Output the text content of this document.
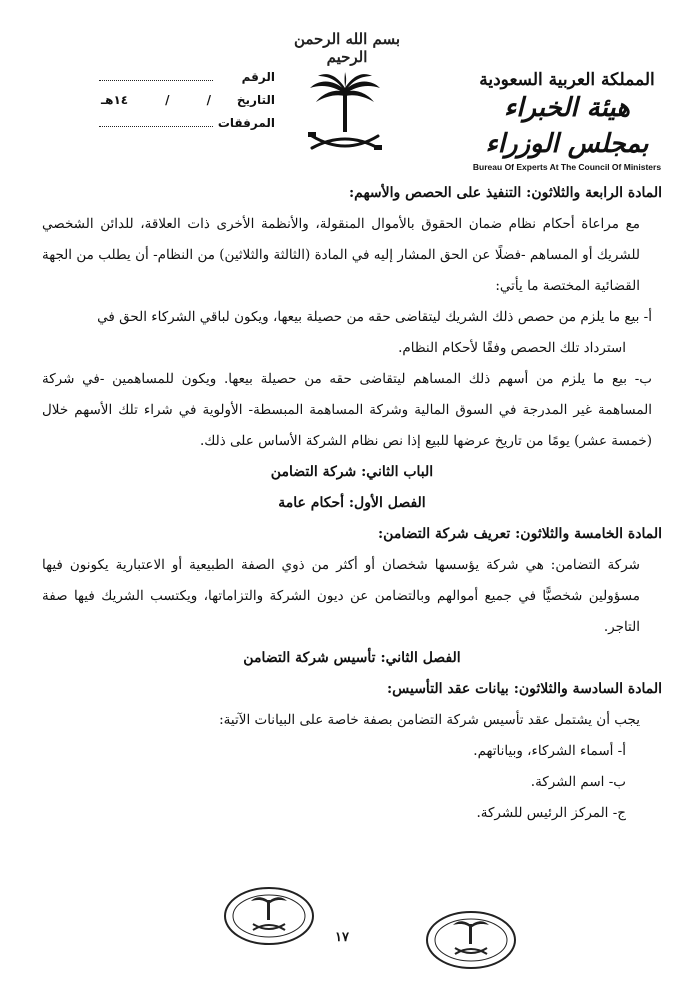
الرقم
التاريخ
/
/
١٤هـ
المرفقات
بسم الله الرحمن الرحيم
المملكة العربية السعودية
هيئة الخبراء بمجلس الوزراء
Bureau Of Experts At The Council Of Ministers

المادة الرابعة والثلاثون: التنفيذ على الحصص والأسهم:

مع مراعاة أحكام نظام ضمان الحقوق بالأموال المنقولة، والأنظمة الأخرى ذات العلاقة، للدائن الشخصي للشريك أو المساهم -فضلًا عن الحق المشار إليه في المادة (الثالثة والثلاثين) من النظام- أن يطلب من الجهة القضائية المختصة ما يأتي:

أ- بيع ما يلزم من حصص ذلك الشريك ليتقاضى حقه من حصيلة بيعها، ويكون لباقي الشركاء الحق في

استرداد تلك الحصص وفقًا لأحكام النظام.

ب- بيع ما يلزم من أسهم ذلك المساهم ليتقاضى حقه من حصيلة بيعها. ويكون للمساهمين -في شركة المساهمة غير المدرجة في السوق المالية وشركة المساهمة المبسطة- الأولوية في شراء تلك الأسهم خلال (خمسة عشر) يومًا من تاريخ عرضها للبيع إذا نص نظام الشركة الأساس على ذلك.

الباب الثاني: شركة التضامن

الفصل الأول: أحكام عامة

المادة الخامسة والثلاثون: تعريف شركة التضامن:

شركة التضامن: هي شركة يؤسسها شخصان أو أكثر من ذوي الصفة الطبيعية أو الاعتبارية يكونون فيها مسؤولين شخصيًّا في جميع أموالهم وبالتضامن عن ديون الشركة والتزاماتها، ويكتسب الشريك فيها صفة التاجر.

الفصل الثاني: تأسيس شركة التضامن

المادة السادسة والثلاثون: بيانات عقد التأسيس:

يجب أن يشتمل عقد تأسيس شركة التضامن بصفة خاصة على البيانات الآتية:

أ- أسماء الشركاء، وبياناتهم.

ب- اسم الشركة.

ج- المركز الرئيس للشركة.

١٧
